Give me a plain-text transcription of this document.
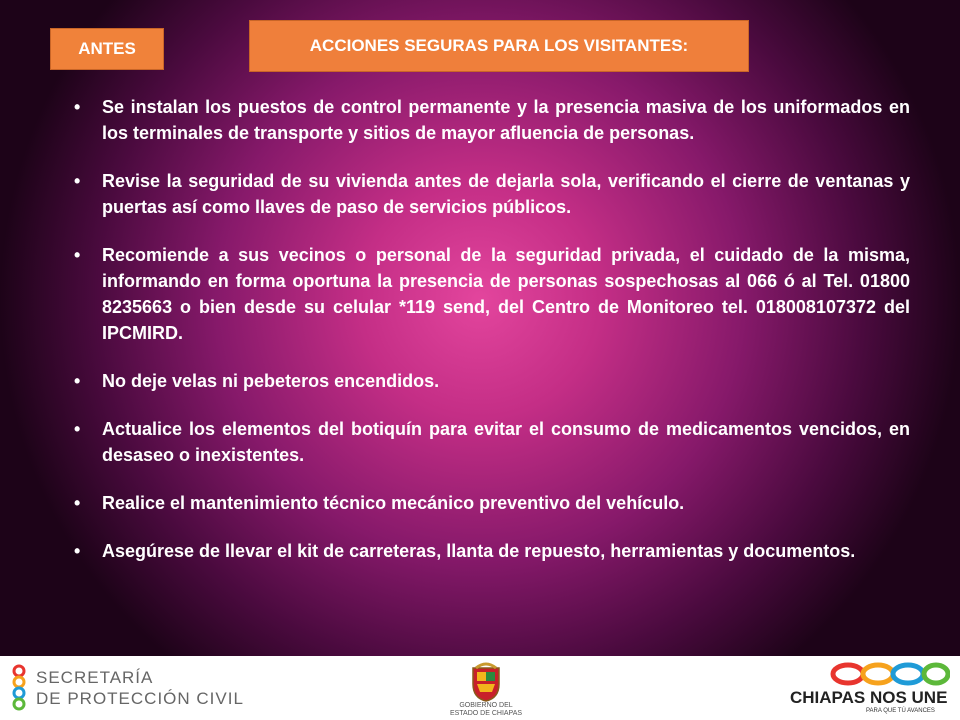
ANTES	ACCIONES SEGURAS PARA LOS VISITANTES:
• Se instalan los puestos de control permanente y la presencia masiva de los uniformados en los terminales de transporte y sitios de mayor afluencia de personas.
• Revise la seguridad de su vivienda antes de dejarla sola, verificando el cierre de ventanas y puertas así como llaves de paso de servicios públicos.
• Recomiende a sus vecinos o personal de la seguridad privada, el cuidado de la misma, informando en forma oportuna la presencia de personas sospechosas al 066 ó al Tel. 01800 8235663 o bien desde su celular *119 send, del Centro de Monitoreo tel. 018008107372 del IPCMIRD.
• No deje velas ni pebeteros encendidos.
• Actualice los elementos del botiquín para evitar el consumo de medicamentos vencidos, en desaseo o inexistentes.
• Realice el mantenimiento técnico mecánico preventivo del vehículo.
• Asegúrese de llevar el kit de carreteras, llanta de repuesto, herramientas y documentos.
SECRETARÍA
DE PROTECCIÓN CIVIL	GOBIERNO DEL
ESTADO DE CHIAPAS
CHIAPAS NOS UNE
PARA QUE TÚ AVANCES
